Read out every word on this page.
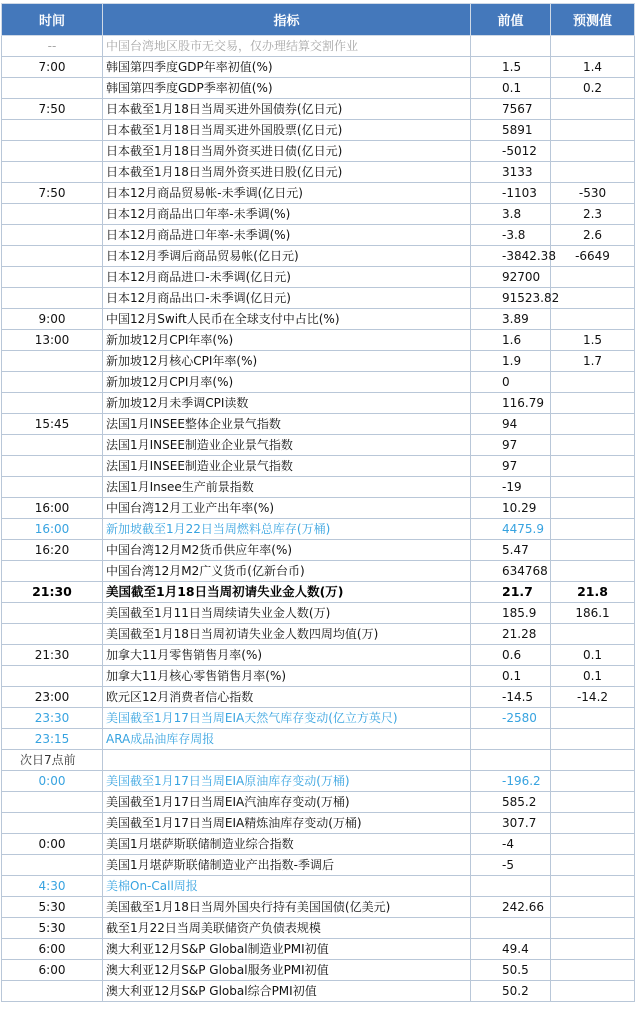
时间	指标	前值	预测值
--	中国台湾地区股市无交易，仅办理结算交割作业		
7:00	韩国第四季度GDP年率初值(%)	1.5	1.4
	韩国第四季度GDP季率初值(%)	0.1	0.2
7:50	日本截至1月18日当周买进外国债券(亿日元)	7567	
	日本截至1月18日当周买进外国股票(亿日元)	5891	
	日本截至1月18日当周外资买进日债(亿日元)	-5012	
	日本截至1月18日当周外资买进日股(亿日元)	3133	
7:50	日本12月商品贸易帐-未季调(亿日元)	-1103	-530
	日本12月商品出口年率-未季调(%)	3.8	2.3
	日本12月商品进口年率-未季调(%)	-3.8	2.6
	日本12月季调后商品贸易帐(亿日元)	-3842.38	-6649
	日本12月商品进口-未季调(亿日元)	92700	
	日本12月商品出口-未季调(亿日元)	91523.82	
9:00	中国12月Swift人民币在全球支付中占比(%)	3.89	
13:00	新加坡12月CPI年率(%)	1.6	1.5
	新加坡12月核心CPI年率(%)	1.9	1.7
	新加坡12月CPI月率(%)	0	
	新加坡12月未季调CPI读数	116.79	
15:45	法国1月INSEE整体企业景气指数	94	
	法国1月INSEE制造业企业景气指数	97	
	法国1月INSEE制造业企业景气指数	97	
	法国1月Insee生产前景指数	-19	
16:00	中国台湾12月工业产出年率(%)	10.29	
16:00	新加坡截至1月22日当周燃料总库存(万桶)	4475.9	
16:20	中国台湾12月M2货币供应年率(%)	5.47	
	中国台湾12月M2广义货币(亿新台币)	634768	
21:30	美国截至1月18日当周初请失业金人数(万)	21.7	21.8
	美国截至1月11日当周续请失业金人数(万)	185.9	186.1
	美国截至1月18日当周初请失业金人数四周均值(万)	21.28	
21:30	加拿大11月零售销售月率(%)	0.6	0.1
	加拿大11月核心零售销售月率(%)	0.1	0.1
23:00	欧元区12月消费者信心指数	-14.5	-14.2
23:30	美国截至1月17日当周EIA天然气库存变动(亿立方英尺)	-2580	
23:15	ARA成品油库存周报		
次日7点前			
0:00	美国截至1月17日当周EIA原油库存变动(万桶)	-196.2	
	美国截至1月17日当周EIA汽油库存变动(万桶)	585.2	
	美国截至1月17日当周EIA精炼油库存变动(万桶)	307.7	
0:00	美国1月堪萨斯联储制造业综合指数	-4	
	美国1月堪萨斯联储制造业产出指数-季调后	-5	
4:30	美棉On-Call周报		
5:30	美国截至1月18日当周外国央行持有美国国债(亿美元)	242.66	
5:30	截至1月22日当周美联储资产负债表规模		
6:00	澳大利亚12月S&P Global制造业PMI初值	49.4	
6:00	澳大利亚12月S&P Global服务业PMI初值	50.5	
	澳大利亚12月S&P Global综合PMI初值	50.2	
